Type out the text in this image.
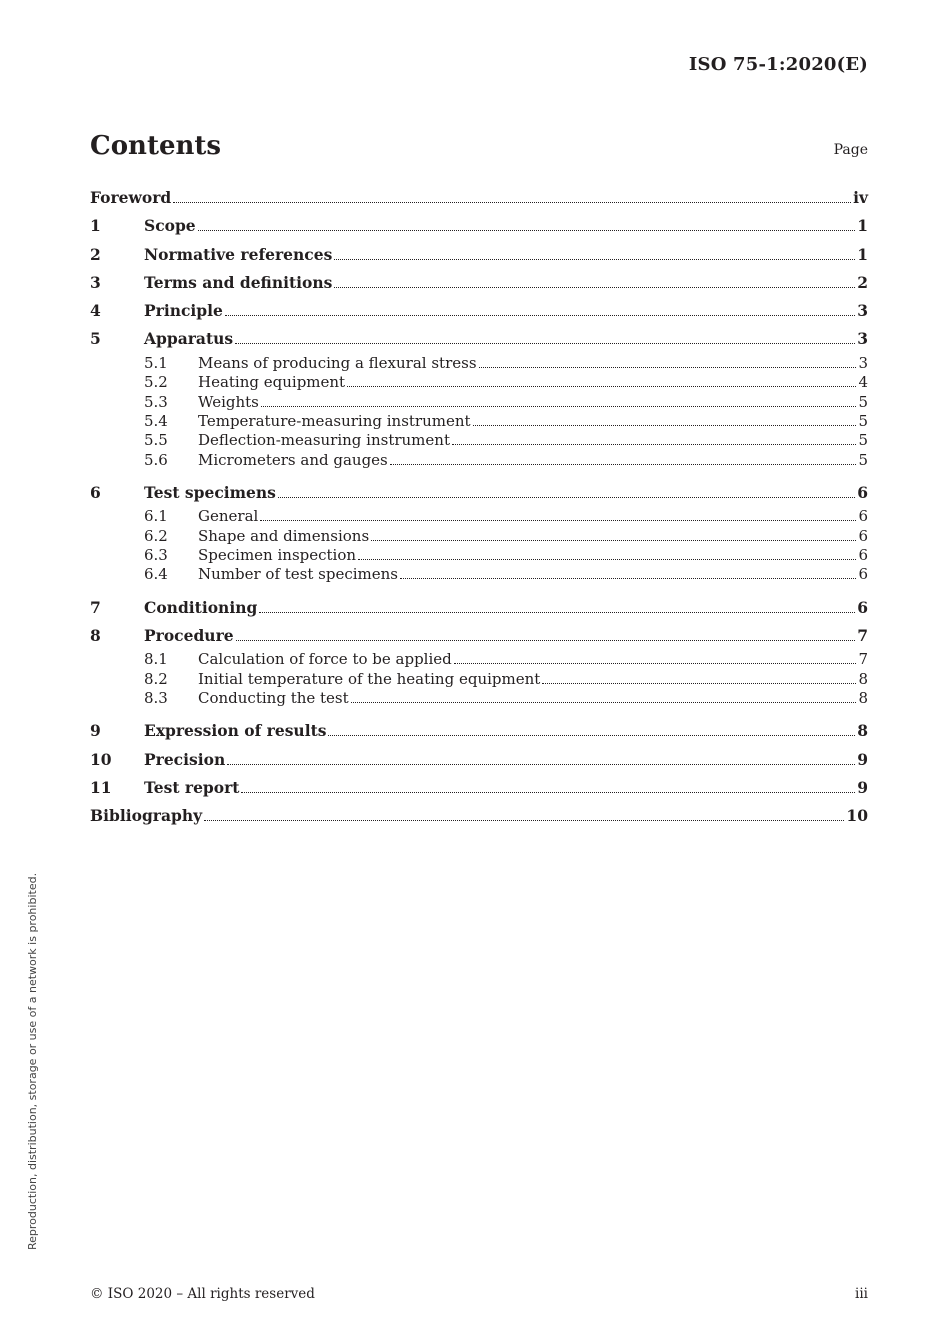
ISO 75-1:2020(E)
Contents	Page
Foreword	iv
1	Scope	1
2	Normative references	1
3	Terms and definitions	2
4	Principle	3
5	Apparatus	3
5.1	Means of producing a flexural stress	3
5.2	Heating equipment	4
5.3	Weights	5
5.4	Temperature-measuring instrument	5
5.5	Deflection-measuring instrument	5
5.6	Micrometers and gauges	5
6	Test specimens	6
6.1	General	6
6.2	Shape and dimensions	6
6.3	Specimen inspection	6
6.4	Number of test specimens	6
7	Conditioning	6
8	Procedure	7
8.1	Calculation of force to be applied	7
8.2	Initial temperature of the heating equipment	8
8.3	Conducting the test	8
9	Expression of results	8
10	Precision	9
11	Test report	9
Bibliography	10
Reproduction, distribution, storage or use of a network is prohibited.
© ISO 2020 – All rights reserved	iii
